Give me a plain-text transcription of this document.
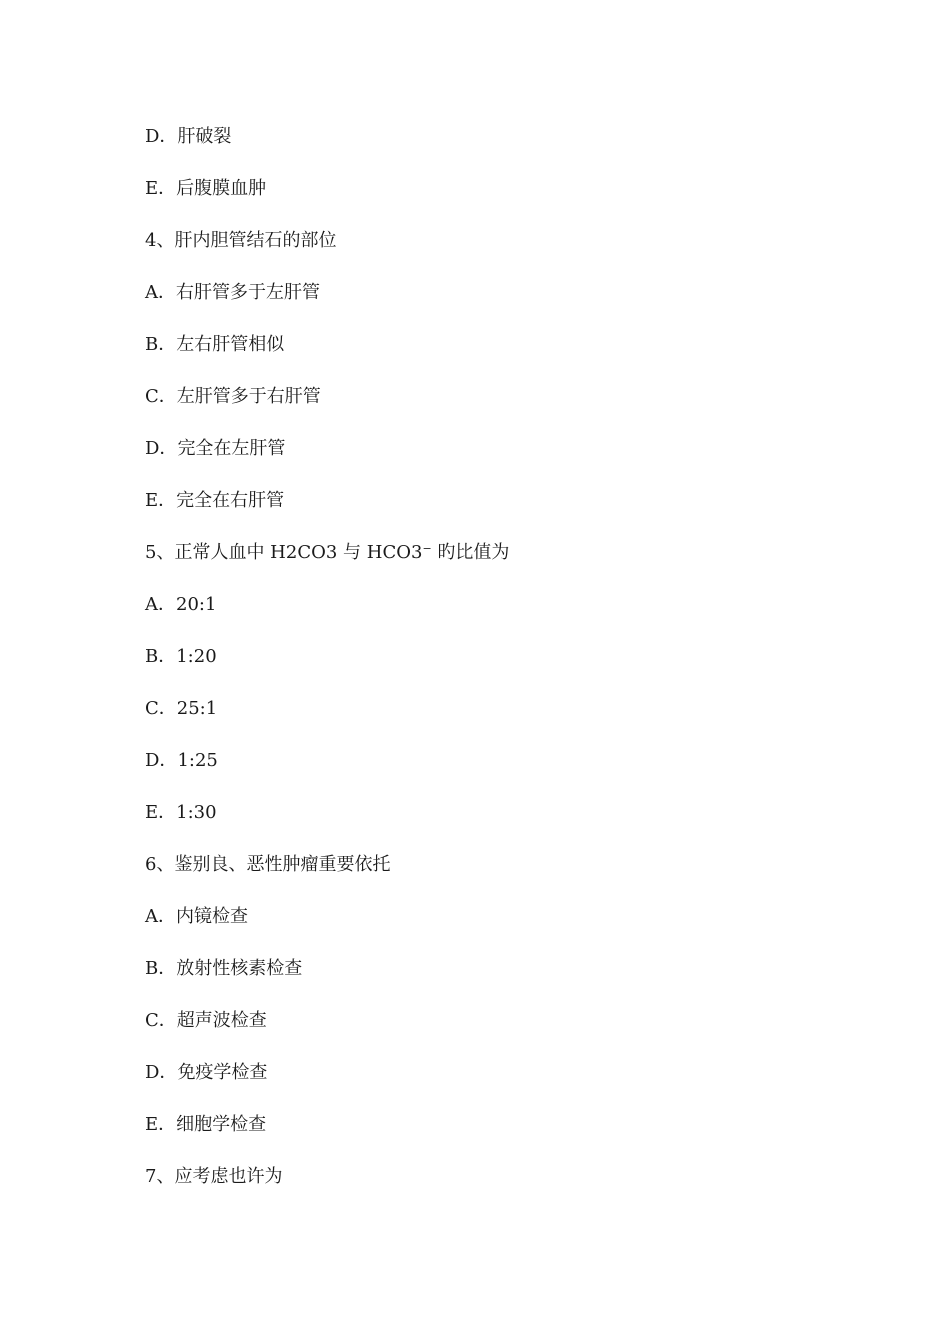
D．肝破裂
E．后腹膜血肿
4、肝内胆管结石的部位
A．右肝管多于左肝管
B．左右肝管相似
C．左肝管多于右肝管
D．完全在左肝管
E．完全在右肝管
5、正常人血中 H2CO3 与 HCO3− 旳比值为
A．20:1
B．1:20
C．25:1
D．1:25
E．1:30
6、鉴别良、恶性肿瘤重要依托
A．内镜检查
B．放射性核素检查
C．超声波检查
D．免疫学检查
E．细胞学检查
7、应考虑也许为
